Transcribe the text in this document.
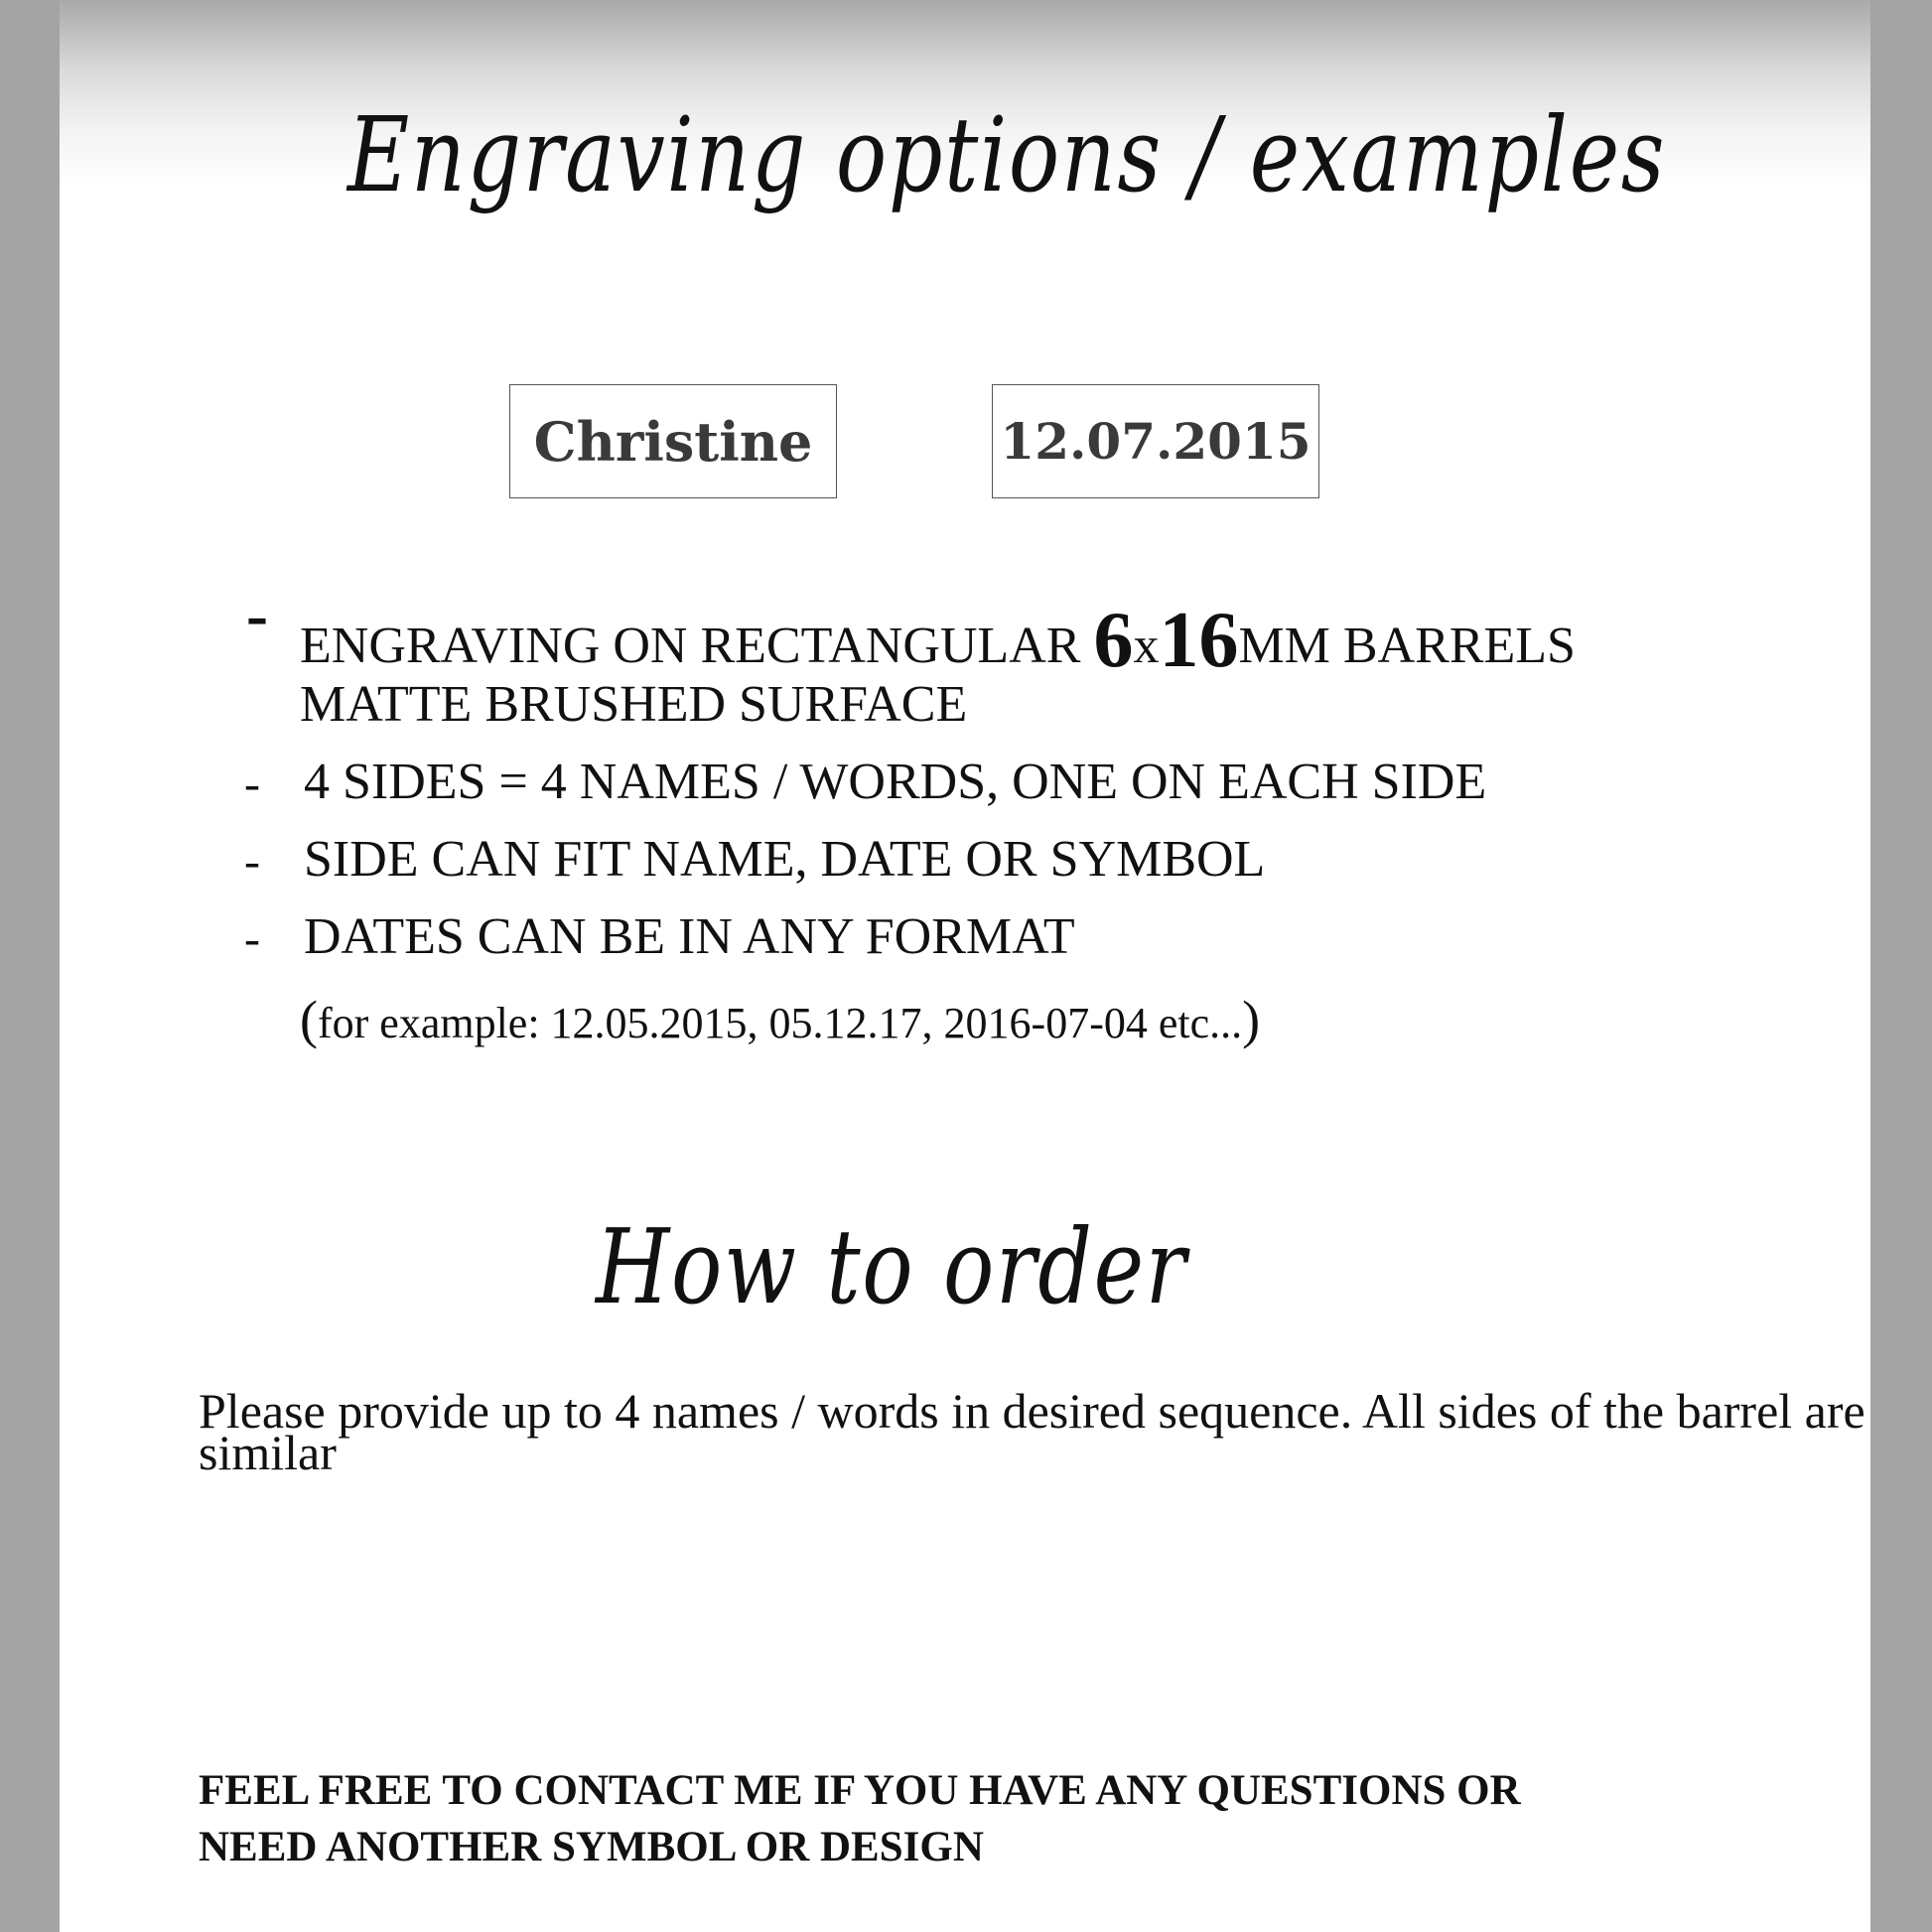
Engraving options / examples
Christine	12.07.2015
- ENGRAVING ON RECTANGULAR 6x16MM BARRELS
MATTE BRUSHED SURFACE
- 4 SIDES = 4 NAMES / WORDS, ONE ON EACH SIDE
- SIDE CAN FIT NAME, DATE OR SYMBOL
- DATES CAN BE IN ANY FORMAT
(for example: 12.05.2015, 05.12.17, 2016-07-04 etc...)
How to order

Please provide up to 4 names / words in desired sequence. All sides of the barrel are similar

FEEL FREE TO CONTACT ME IF YOU HAVE ANY QUESTIONS OR
NEED ANOTHER SYMBOL OR DESIGN
